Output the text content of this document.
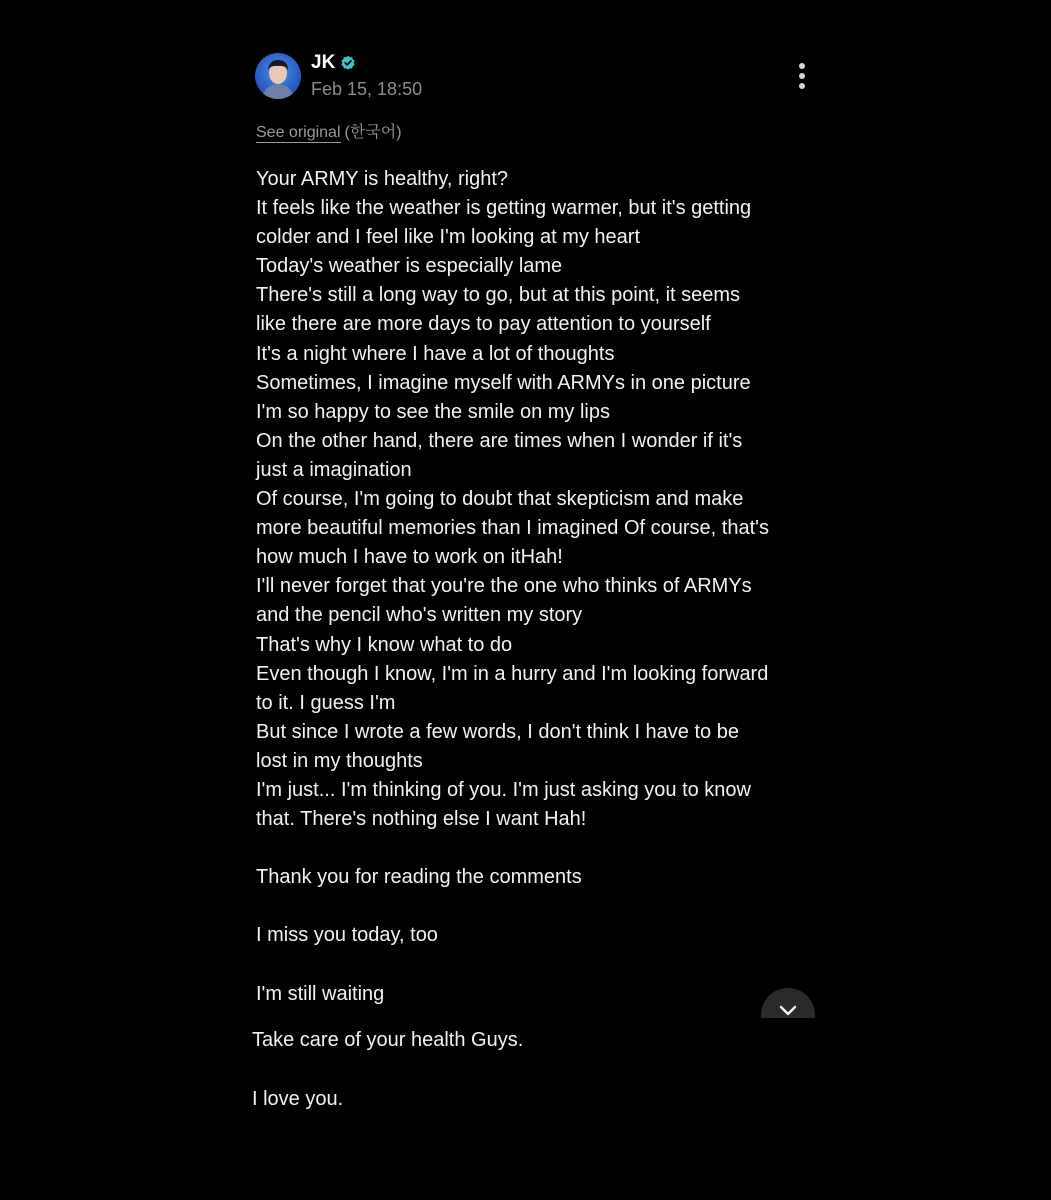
JK
Feb 15, 18:50
See original (한국어)
Your ARMY is healthy, right?
It feels like the weather is getting warmer, but it's getting
colder and I feel like I'm looking at my heart
Today's weather is especially lame
There's still a long way to go, but at this point, it seems
like there are more days to pay attention to yourself
It's a night where I have a lot of thoughts
Sometimes, I imagine myself with ARMYs in one picture
I'm so happy to see the smile on my lips
On the other hand, there are times when I wonder if it's
just a imagination
Of course, I'm going to doubt that skepticism and make
more beautiful memories than I imagined Of course, that's
how much I have to work on itHah!
I'll never forget that you're the one who thinks of ARMYs
and the pencil who's written my story
That's why I know what to do
Even though I know, I'm in a hurry and I'm looking forward
to it. I guess I'm
But since I wrote a few words, I don't think I have to be
lost in my thoughts
I'm just... I'm thinking of you. I'm just asking you to know
that. There's nothing else I want Hah!
Thank you for reading the comments
I miss you today, too
I'm still waiting
Take care of your health Guys.
I love you.
